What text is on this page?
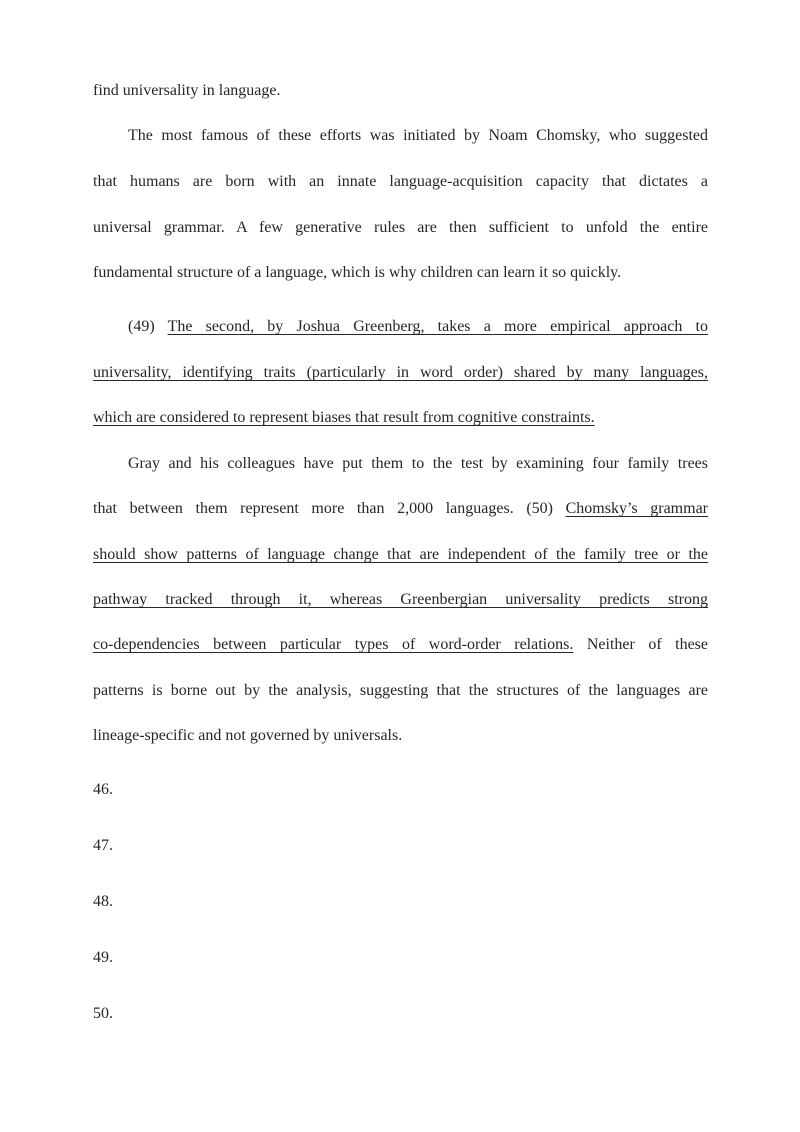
find universality in language.
The most famous of these efforts was initiated by Noam Chomsky, who suggested
that humans are born with an innate language-acquisition capacity that dictates a
universal grammar. A few generative rules are then sufficient to unfold the entire
fundamental structure of a language, which is why children can learn it so quickly.
(49) The second, by Joshua Greenberg, takes a more empirical approach to
universality, identifying traits (particularly in word order) shared by many languages,
which are considered to represent biases that result from cognitive constraints.
Gray and his colleagues have put them to the test by examining four family trees
that between them represent more than 2,000 languages. (50) Chomsky’s grammar
should show patterns of language change that are independent of the family tree or the
pathway tracked through it, whereas Greenbergian universality predicts strong
co-dependencies between particular types of word-order relations. Neither of these
patterns is borne out by the analysis, suggesting that the structures of the languages are
lineage-specific and not governed by universals.
46.
47.
48.
49.
50.
